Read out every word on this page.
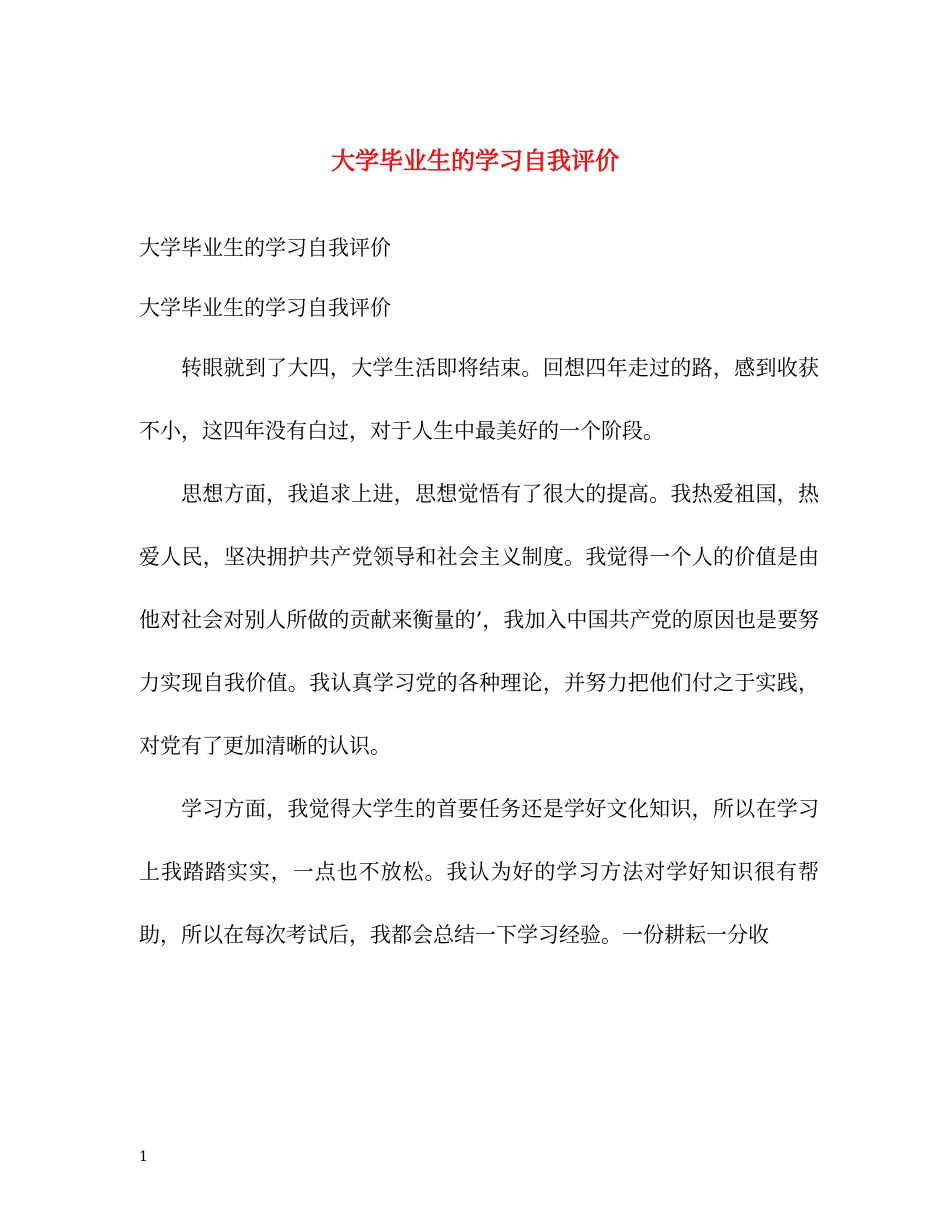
大学毕业生的学习自我评价
大学毕业生的学习自我评价
大学毕业生的学习自我评价

转眼就到了大四，大学生活即将结束。回想四年走过的路，感到收获不小，这四年没有白过，对于人生中最美好的一个阶段。

思想方面，我追求上进，思想觉悟有了很大的提高。我热爱祖国，热爱人民，坚决拥护共产党领导和社会主义制度。我觉得一个人的价值是由他对社会对别人所做的贡献来衡量的’，我加入中国共产党的原因也是要努力实现自我价值。我认真学习党的各种理论，并努力把他们付之于实践，对党有了更加清晰的认识。

学习方面，我觉得大学生的首要任务还是学好文化知识，所以在学习上我踏踏实实，一点也不放松。我认为好的学习方法对学好知识很有帮助，所以在每次考试后，我都会总结一下学习经验。一份耕耘一分收

1
